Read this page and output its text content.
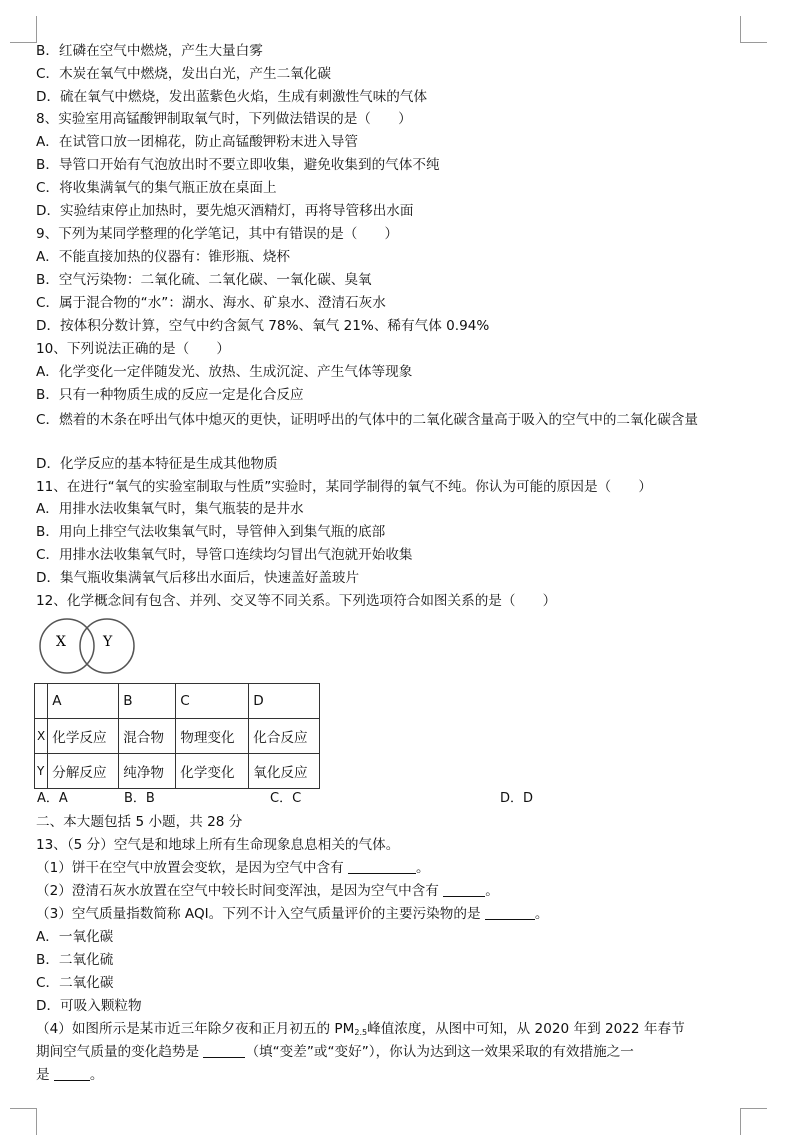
B．红磷在空气中燃烧，产生大量白雾
C．木炭在氧气中燃烧，发出白光，产生二氧化碳
D．硫在氧气中燃烧，发出蓝紫色火焰，生成有刺激性气味的气体
8、实验室用高锰酸钾制取氧气时，下列做法错误的是（　　）
A．在试管口放一团棉花，防止高锰酸钾粉末进入导管
B．导管口开始有气泡放出时不要立即收集，避免收集到的气体不纯
C．将收集满氧气的集气瓶正放在桌面上
D．实验结束停止加热时，要先熄灭酒精灯，再将导管移出水面
9、下列为某同学整理的化学笔记，其中有错误的是（　　）
A．不能直接加热的仪器有：锥形瓶、烧杯
B．空气污染物：二氧化硫、二氧化碳、一氧化碳、臭氧
C．属于混合物的“水”：湖水、海水、矿泉水、澄清石灰水
D．按体积分数计算，空气中约含氮气 78%、氧气 21%、稀有气体 0.94%
10、下列说法正确的是（　　）
A．化学变化一定伴随发光、放热、生成沉淀、产生气体等现象
B．只有一种物质生成的反应一定是化合反应
C．燃着的木条在呼出气体中熄灭的更快，证明呼出的气体中的二氧化碳含量高于吸入的空气中的二氧化碳含量
D．化学反应的基本特征是生成其他物质
11、在进行“氧气的实验室制取与性质”实验时，某同学制得的氧气不纯。你认为可能的原因是（　　）
A．用排水法收集氧气时，集气瓶装的是井水
B．用向上排空气法收集氧气时，导管伸入到集气瓶的底部
C．用排水法收集氧气时，导管口连续均匀冒出气泡就开始收集
D．集气瓶收集满氧气后移出水面后，快速盖好盖玻片
12、化学概念间有包含、并列、交叉等不同关系。下列选项符合如图关系的是（　　）
X	Y
	A	B	C	D
X	化学反应	混合物	物理变化	化合反应
Y	分解反应	纯净物	化学变化	氧化反应
A．A	B．B	C．C	D．D
二、本大题包括 5 小题，共 28 分
13、（5 分）空气是和地球上所有生命现象息息相关的气体。
（1）饼干在空气中放置会变软，是因为空气中含有	。
（2）澄清石灰水放置在空气中较长时间变浑浊，是因为空气中含有	。
（3）空气质量指数简称 AQI。下列不计入空气质量评价的主要污染物的是	。
A．一氧化碳
B．二氧化硫
C．二氧化碳
D．可吸入颗粒物
（4）如图所示是某市近三年除夕夜和正月初五的 PM2.5峰值浓度，从图中可知，从 2020 年到 2022 年春节
期间空气质量的变化趋势是	（填“变差”或“变好”），你认为达到这一效果采取的有效措施之一
是	。
